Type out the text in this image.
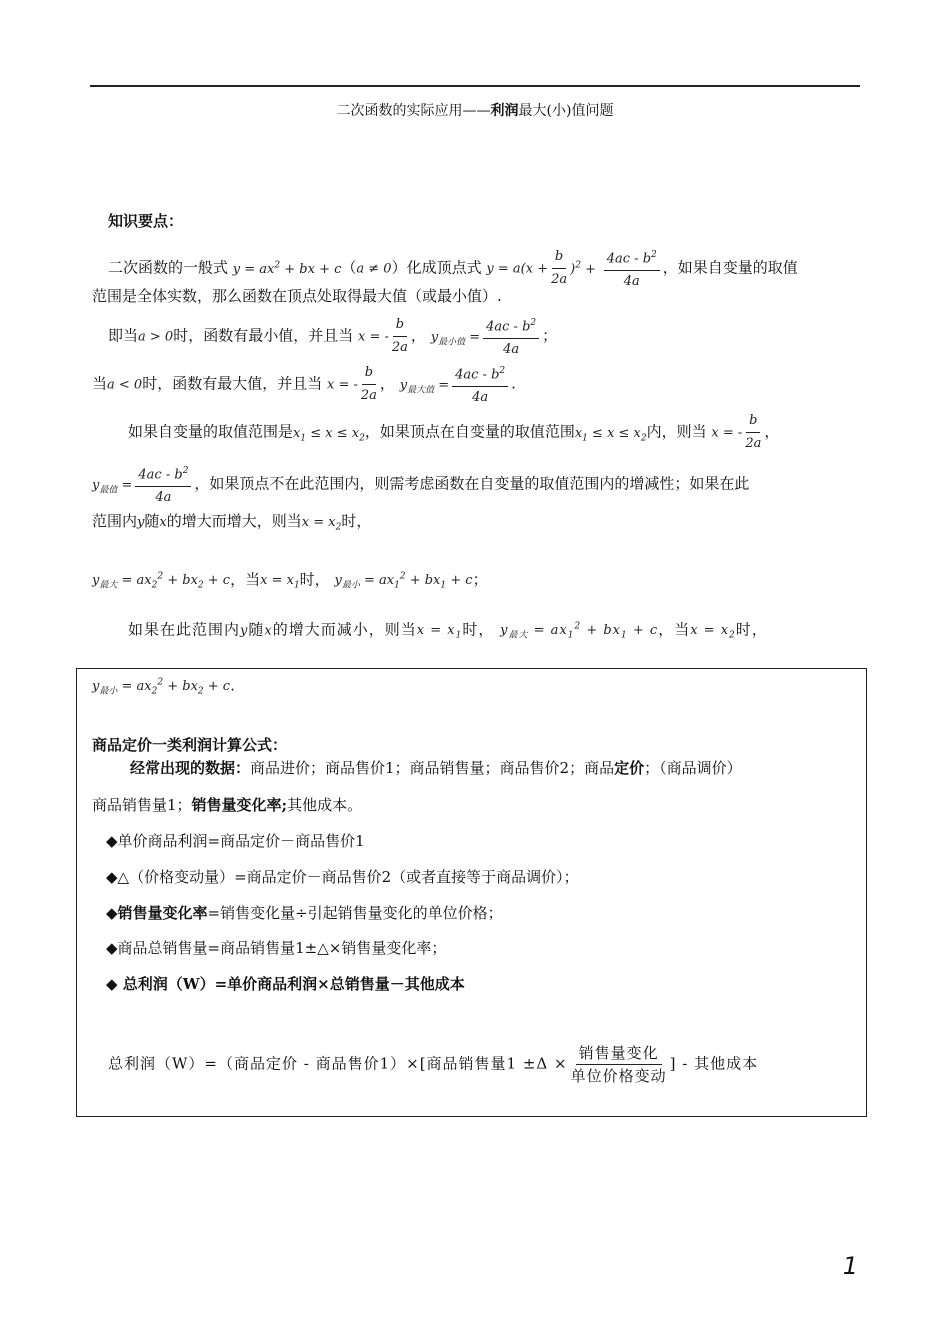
二次函数的实际应用——利润最大(小)值问题
知识要点：
二次函数的一般式 $y = ax^2$ + bx + c（a ≠ 0）化成顶点式 $y = a(x + \frac{b}{2a} )^2 + \frac{4ac - b^2}{4a}$ ，如果自变量的取值
范围是全体实数，那么函数在顶点处取得最大值（或最小值）.
即当a > 0时，函数有最小值，并且当 x = - $\frac{b}{2a}$ ， $y_{最小值} = \frac{4ac - b^2}{4a}$ ；
当a < 0时，函数有最大值，并且当 x = - $\frac{b}{2a}$ ， $y_{最大值} = \frac{4ac - b^2}{4a}$ .
如果自变量的取值范围是$x_1 \le x \le x_2$，如果顶点在自变量的取值范围$x_1 \le x \le x_2$内，则当 x = - $\frac{b}{2a}$ ，
$y_{最值} = \frac{4ac - b^2}{4a}$ ，如果顶点不在此范围内，则需考虑函数在自变量的取值范围内的增减性；如果在此
范围内y随x的增大而增大，则当$x = x_2$时，
$y_{最大} = ax_2^2 + bx_2 + c$，当$x = x_1$时， $y_{最小} = ax_1^2 + bx_1 + c$；
如果在此范围内y随x的增大而减小，则当$x = x_1$时， $y_{最大} = ax_1^2 + bx_1 + c$，当$x = x_2$时，
$y_{最小} = ax_2^2 + bx_2 + c$.
商品定价一类利润计算公式：
经常出现的数据：商品进价；商品售价1；商品销售量；商品售价2；商品定价；（商品调价）
商品销售量1；销售量变化率;其他成本。
◆单价商品利润=商品定价－商品售价1
◆△（价格变动量）=商品定价－商品售价2（或者直接等于商品调价）；
◆销售量变化率=销售变化量÷引起销售量变化的单位价格；
◆商品总销售量=商品销售量1±△×销售量变化率；
◆ 总利润（W）=单价商品利润×总销售量－其他成本
总利润（W）=（商品定价 - 商品售价1）×[商品销售量$1 \pm\Delta \times \frac{\text{销售量变化}}{\text{单位价格变动}}$ ] - 其他成本
1
